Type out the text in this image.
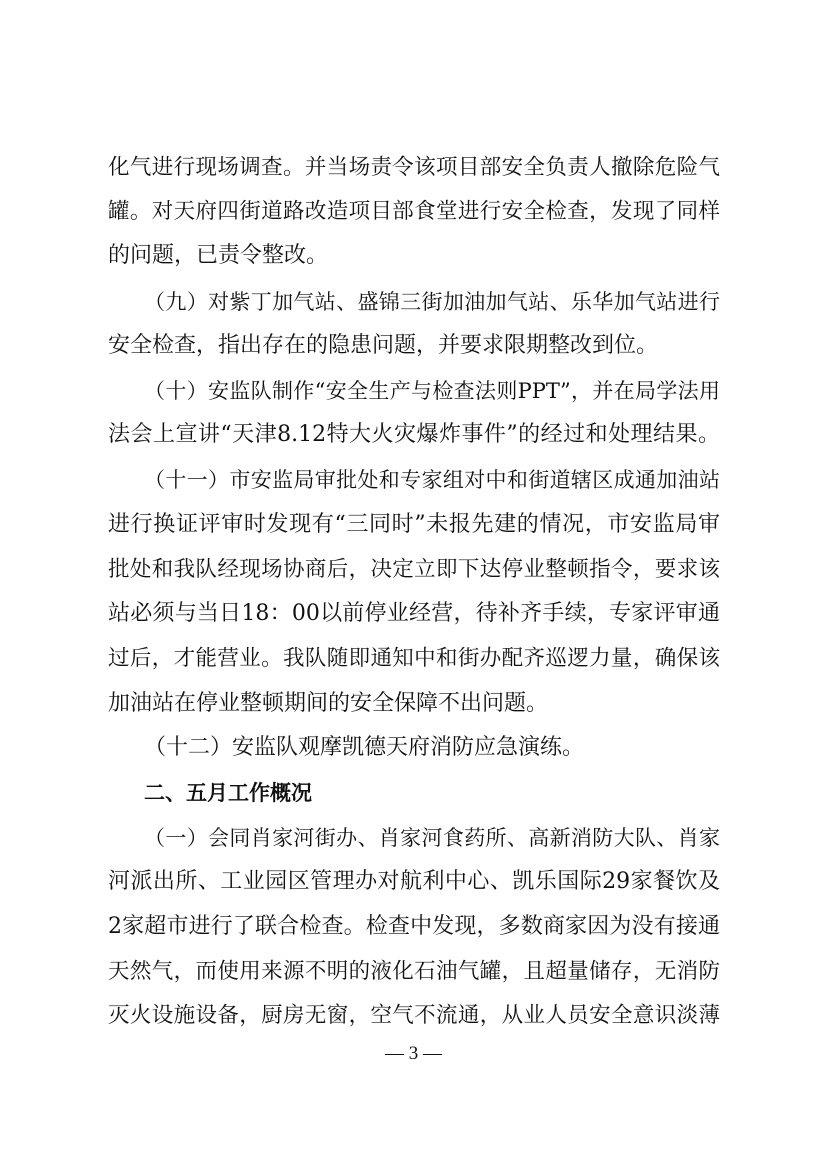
化气进行现场调查。并当场责令该项目部安全负责人撤除危险气
罐。对天府四街道路改造项目部食堂进行安全检查，发现了同样
的问题，已责令整改。
（九）对紫丁加气站、盛锦三街加油加气站、乐华加气站进行
安全检查，指出存在的隐患问题，并要求限期整改到位。
（十）安监队制作“安全生产与检查法则PPT”，并在局学法用
法会上宣讲“天津8.12特大火灾爆炸事件”的经过和处理结果。
（十一）市安监局审批处和专家组对中和街道辖区成通加油站
进行换证评审时发现有“三同时”未报先建的情况，市安监局审
批处和我队经现场协商后，决定立即下达停业整顿指令，要求该
站必须与当日18：00以前停业经营，待补齐手续，专家评审通
过后，才能营业。我队随即通知中和街办配齐巡逻力量，确保该
加油站在停业整顿期间的安全保障不出问题。
（十二）安监队观摩凯德天府消防应急演练。
二、五月工作概况
（一）会同肖家河街办、肖家河食药所、高新消防大队、肖家
河派出所、工业园区管理办对航利中心、凯乐国际29家餐饮及
2家超市进行了联合检查。检查中发现，多数商家因为没有接通
天然气，而使用来源不明的液化石油气罐，且超量储存，无消防
灭火设施设备，厨房无窗，空气不流通，从业人员安全意识淡薄
— 3 —
